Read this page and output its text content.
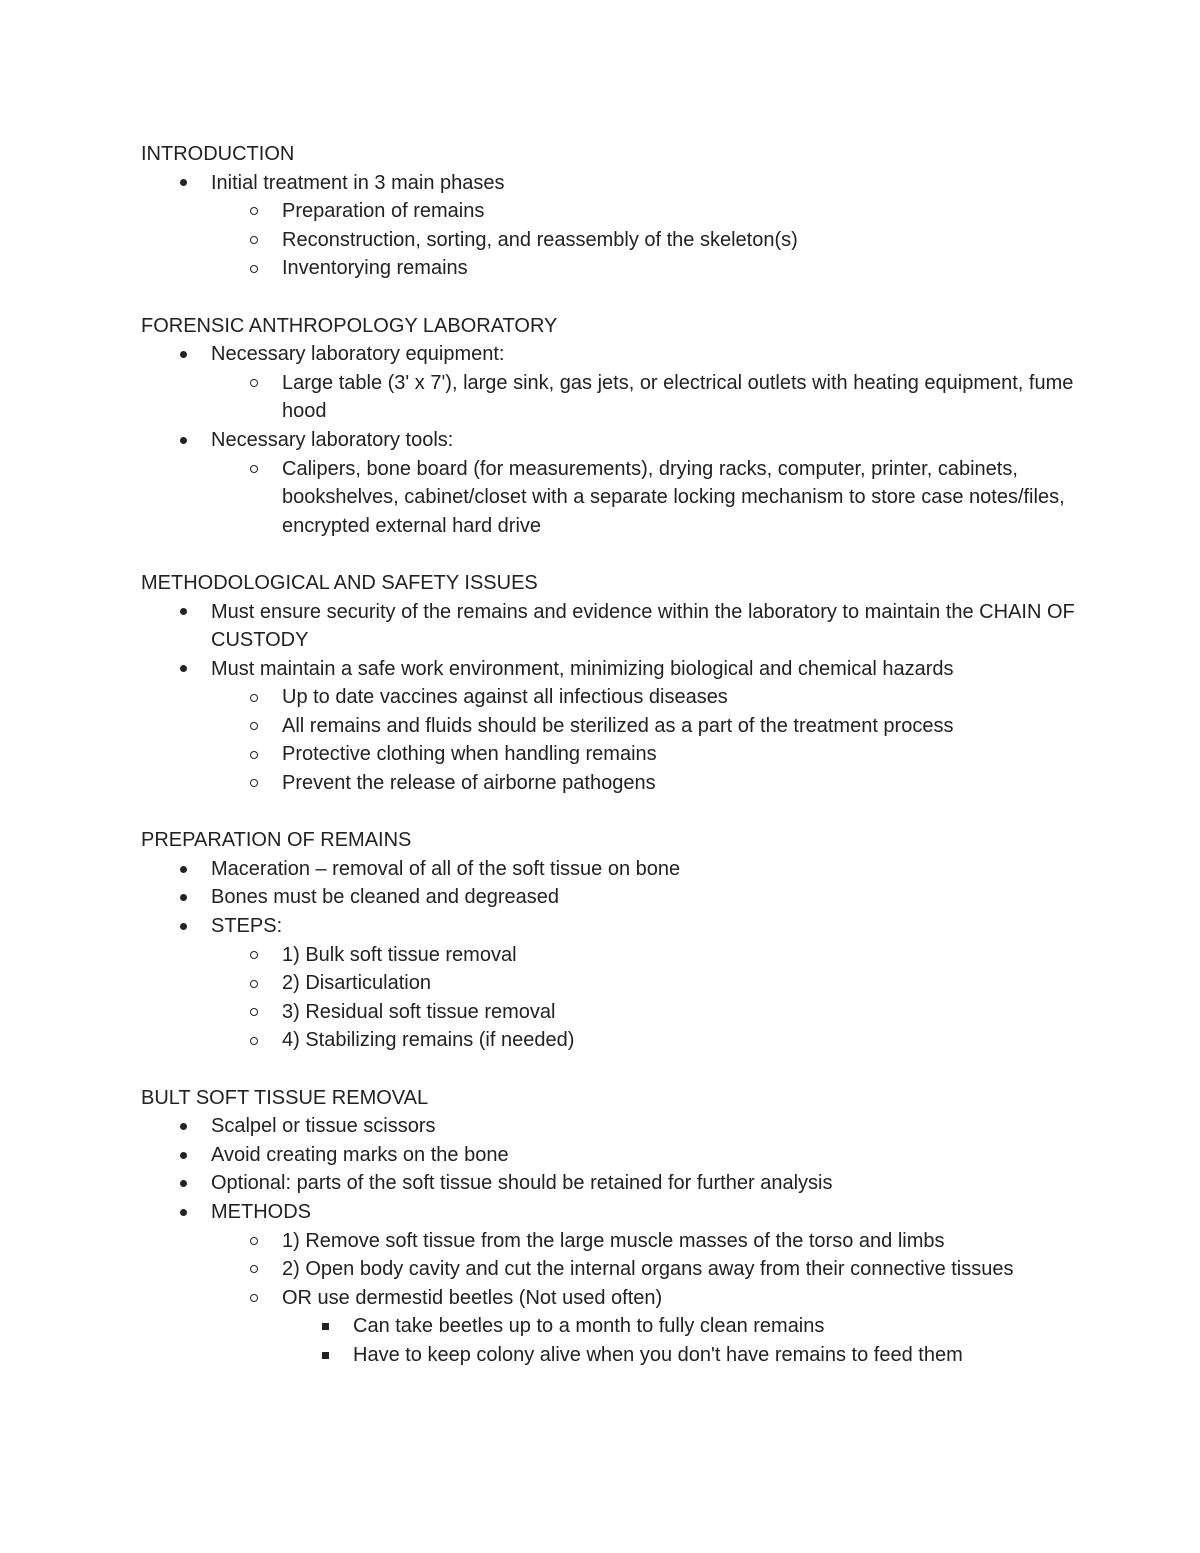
INTRODUCTION
Initial treatment in 3 main phases
Preparation of remains
Reconstruction, sorting, and reassembly of the skeleton(s)
Inventorying remains
FORENSIC ANTHROPOLOGY LABORATORY
Necessary laboratory equipment:
Large table (3' x 7'), large sink, gas jets, or electrical outlets with heating equipment, fume hood
Necessary laboratory tools:
Calipers, bone board (for measurements), drying racks, computer, printer, cabinets, bookshelves, cabinet/closet with a separate locking mechanism to store case notes/files, encrypted external hard drive
METHODOLOGICAL AND SAFETY ISSUES
Must ensure security of the remains and evidence within the laboratory to maintain the CHAIN OF CUSTODY
Must maintain a safe work environment, minimizing biological and chemical hazards
Up to date vaccines against all infectious diseases
All remains and fluids should be sterilized as a part of the treatment process
Protective clothing when handling remains
Prevent the release of airborne pathogens
PREPARATION OF REMAINS
Maceration – removal of all of the soft tissue on bone
Bones must be cleaned and degreased
STEPS:
1) Bulk soft tissue removal
2) Disarticulation
3) Residual soft tissue removal
4) Stabilizing remains (if needed)
BULT SOFT TISSUE REMOVAL
Scalpel or tissue scissors
Avoid creating marks on the bone
Optional: parts of the soft tissue should be retained for further analysis
METHODS
1) Remove soft tissue from the large muscle masses of the torso and limbs
2) Open body cavity and cut the internal organs away from their connective tissues
OR use dermestid beetles (Not used often)
Can take beetles up to a month to fully clean remains
Have to keep colony alive when you don't have remains to feed them
